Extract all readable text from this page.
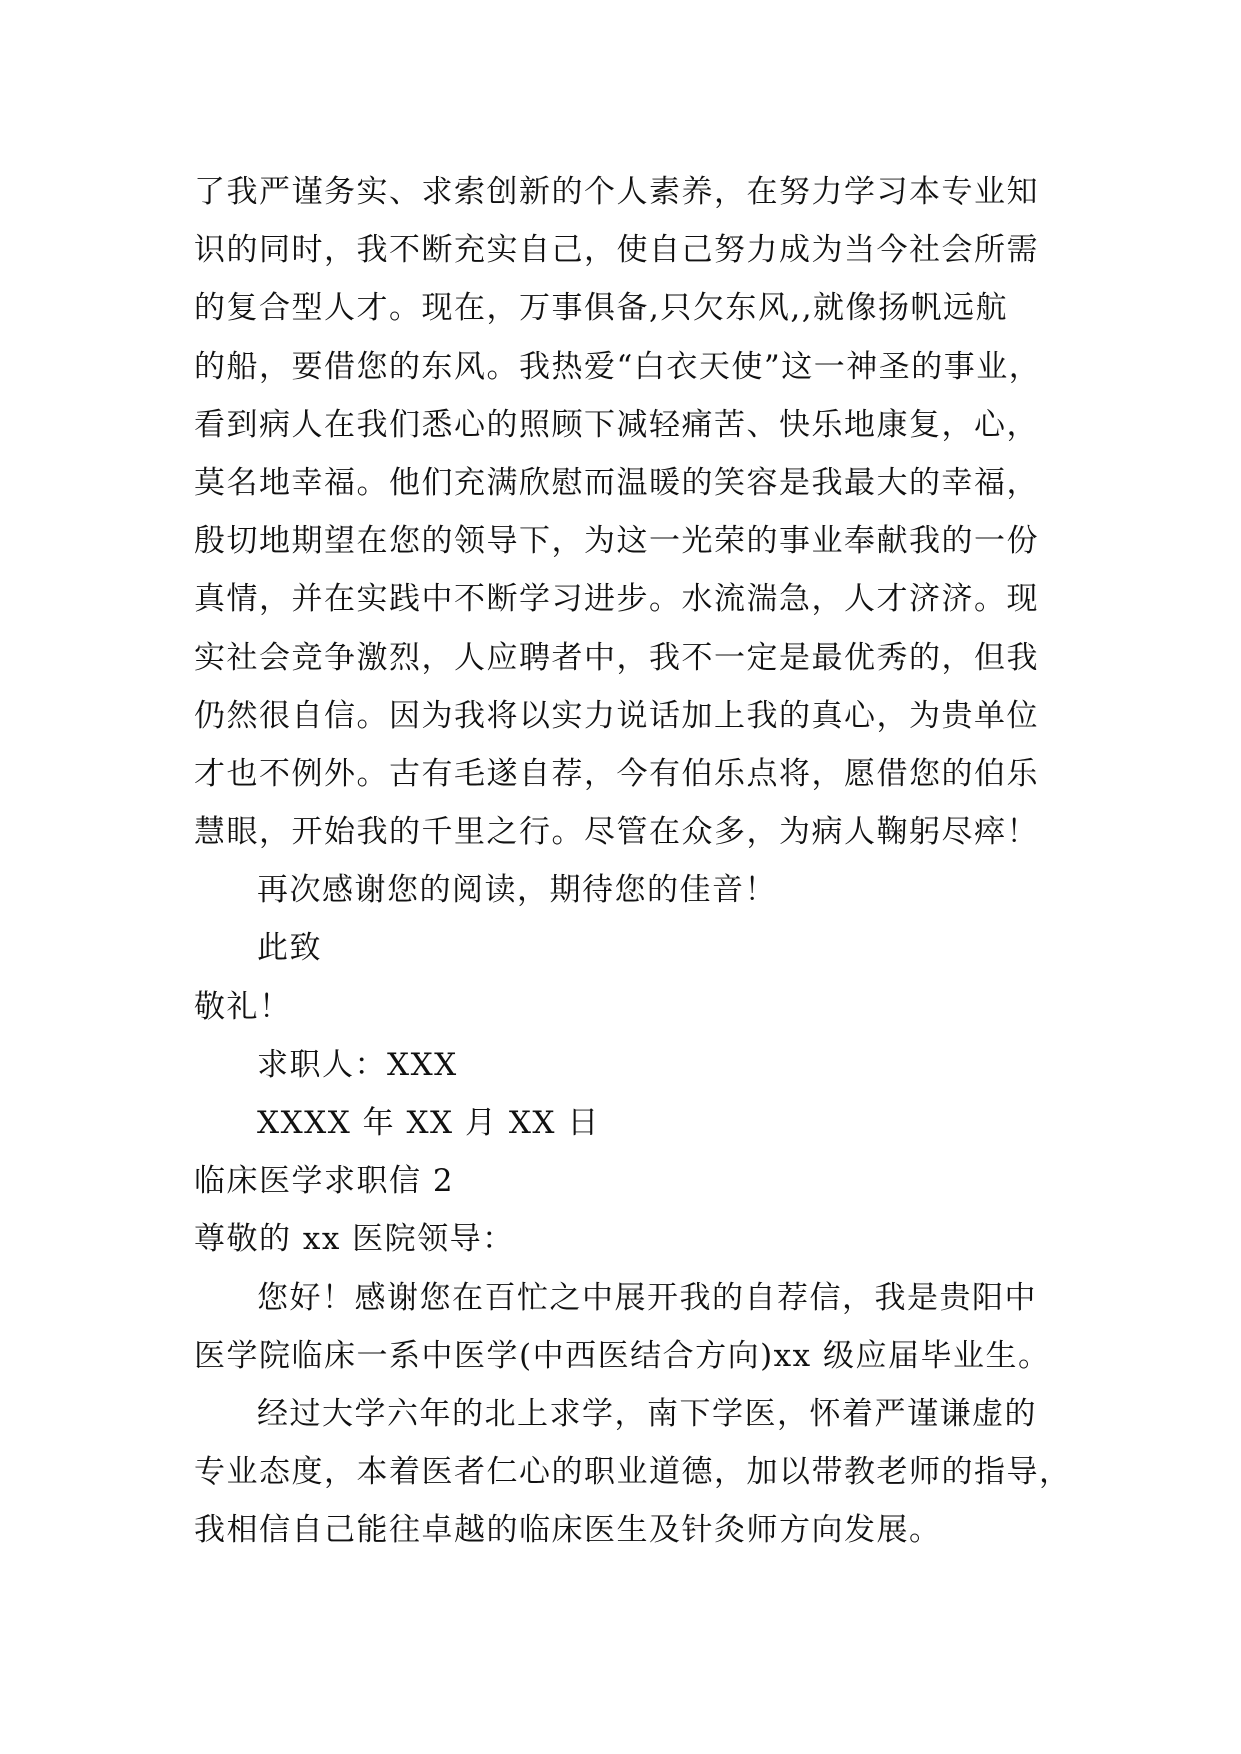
了我严谨务实、求索创新的个人素养，在努力学习本专业知
识的同时，我不断充实自己，使自己努力成为当今社会所需
的复合型人才。现在，万事俱备,只欠东风,,就像扬帆远航
的船，要借您的东风。我热爱“白衣天使”这一神圣的事业，
看到病人在我们悉心的照顾下减轻痛苦、快乐地康复，心，
莫名地幸福。他们充满欣慰而温暖的笑容是我最大的幸福，
殷切地期望在您的领导下，为这一光荣的事业奉献我的一份
真情，并在实践中不断学习进步。水流湍急，人才济济。现
实社会竞争激烈，人应聘者中，我不一定是最优秀的，但我
仍然很自信。因为我将以实力说话加上我的真心，为贵单位
才也不例外。古有毛遂自荐，今有伯乐点将，愿借您的伯乐
慧眼，开始我的千里之行。尽管在众多，为病人鞠躬尽瘁！
再次感谢您的阅读，期待您的佳音！
此致
敬礼！
求职人：XXX
XXXX 年 XX 月 XX 日
临床医学求职信 2
尊敬的 xx 医院领导：
您好！感谢您在百忙之中展开我的自荐信，我是贵阳中
医学院临床一系中医学(中西医结合方向)xx 级应届毕业生。
经过大学六年的北上求学，南下学医，怀着严谨谦虚的
专业态度，本着医者仁心的职业道德，加以带教老师的指导，
我相信自己能往卓越的临床医生及针灸师方向发展。
